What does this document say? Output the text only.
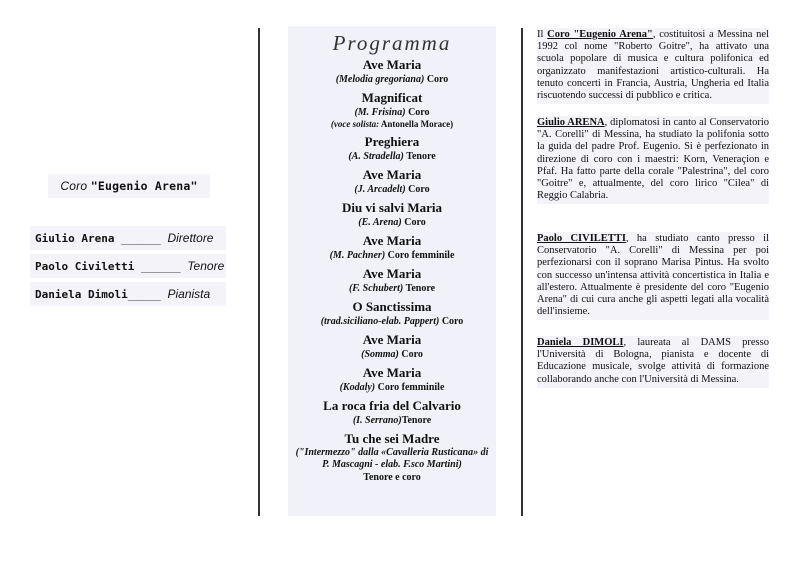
Coro "Eugenio Arena"
Giulio Arena ______ Direttore
Paolo Civiletti ______ Tenore
Daniela Dimoli_____ Pianista
Programma
Ave Maria
(Melodia gregoriana) Coro
Magnificat
(M. Frisina) Coro
(voce solista: Antonella Morace)
Preghiera
(A. Stradella) Tenore
Ave Maria
(J. Arcadelt) Coro
Diu vi salvi Maria
(E. Arena) Coro
Ave Maria
(M. Pachner) Coro femminile
Ave Maria
(F. Schubert) Tenore
O Sanctissima
(trad.siciliano-elab. Pappert) Coro
Ave Maria
(Somma) Coro
Ave Maria
(Kodaly) Coro femminile
La roca fria del Calvario
(I. Serrano)Tenore
Tu che sei Madre
("Intermezzo" dalla «Cavalleria Rusticana» di
P. Mascagni - elab. F.sco Martini)
Tenore e coro
Il Coro "Eugenio Arena", costituitosi a Messina nel 1992 col nome "Roberto Goitre", ha attivato una scuola popolare di musica e cultura polifonica ed organizzato manifestazioni artistico-culturali. Ha tenuto concerti in Francia, Austria, Ungheria ed Italia riscuotendo successi di pubblico e critica.
Giulio ARENA, diplomatosi in canto al Conservatorio "A. Corelli" di Messina, ha studiato la polifonia sotto la guida del padre Prof. Eugenio. Si è perfezionato in direzione di coro con i maestri: Korn, Veneraçion e Pfaf. Ha fatto parte della corale "Palestrina", del coro "Goitre" e, attualmente, del coro lirico "Cilea" di Reggio Calabria.
Paolo CIVILETTI, ha studiato canto presso il Conservatorio "A. Corelli" di Messina per poi perfezionarsi con il soprano Marisa Pintus. Ha svolto con successo un'intensa attività concertistica in Italia e all'estero. Attualmente è presidente del coro "Eugenio Arena" di cui cura anche gli aspetti legati alla vocalità dell'insieme.
Daniela DIMOLI, laureata al DAMS presso l'Università di Bologna, pianista e docente di Educazione musicale, svolge attività di formazione collaborando anche con l'Università di Messina.
